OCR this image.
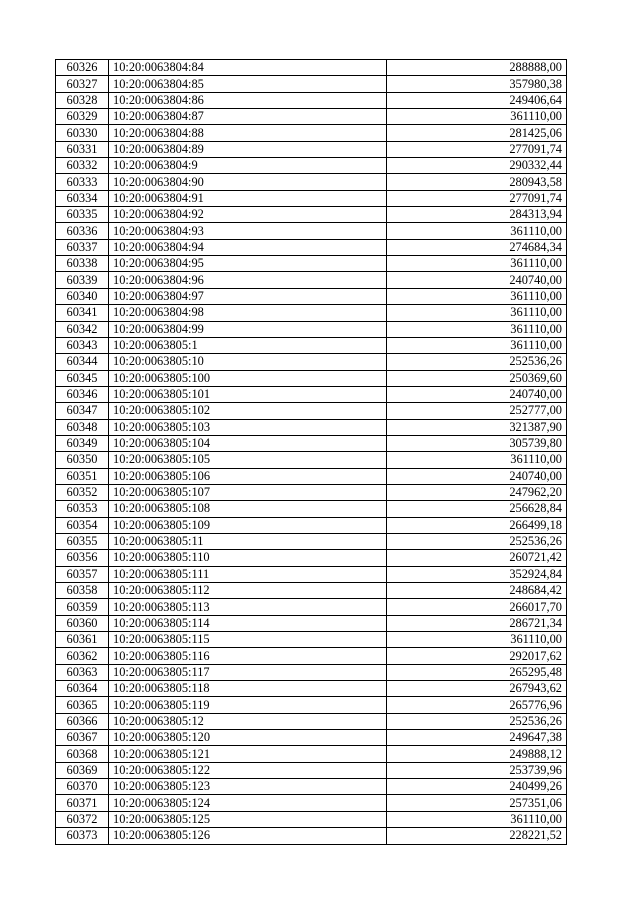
60326	10:20:0063804:84	288888,00
60327	10:20:0063804:85	357980,38
60328	10:20:0063804:86	249406,64
60329	10:20:0063804:87	361110,00
60330	10:20:0063804:88	281425,06
60331	10:20:0063804:89	277091,74
60332	10:20:0063804:9	290332,44
60333	10:20:0063804:90	280943,58
60334	10:20:0063804:91	277091,74
60335	10:20:0063804:92	284313,94
60336	10:20:0063804:93	361110,00
60337	10:20:0063804:94	274684,34
60338	10:20:0063804:95	361110,00
60339	10:20:0063804:96	240740,00
60340	10:20:0063804:97	361110,00
60341	10:20:0063804:98	361110,00
60342	10:20:0063804:99	361110,00
60343	10:20:0063805:1	361110,00
60344	10:20:0063805:10	252536,26
60345	10:20:0063805:100	250369,60
60346	10:20:0063805:101	240740,00
60347	10:20:0063805:102	252777,00
60348	10:20:0063805:103	321387,90
60349	10:20:0063805:104	305739,80
60350	10:20:0063805:105	361110,00
60351	10:20:0063805:106	240740,00
60352	10:20:0063805:107	247962,20
60353	10:20:0063805:108	256628,84
60354	10:20:0063805:109	266499,18
60355	10:20:0063805:11	252536,26
60356	10:20:0063805:110	260721,42
60357	10:20:0063805:111	352924,84
60358	10:20:0063805:112	248684,42
60359	10:20:0063805:113	266017,70
60360	10:20:0063805:114	286721,34
60361	10:20:0063805:115	361110,00
60362	10:20:0063805:116	292017,62
60363	10:20:0063805:117	265295,48
60364	10:20:0063805:118	267943,62
60365	10:20:0063805:119	265776,96
60366	10:20:0063805:12	252536,26
60367	10:20:0063805:120	249647,38
60368	10:20:0063805:121	249888,12
60369	10:20:0063805:122	253739,96
60370	10:20:0063805:123	240499,26
60371	10:20:0063805:124	257351,06
60372	10:20:0063805:125	361110,00
60373	10:20:0063805:126	228221,52
